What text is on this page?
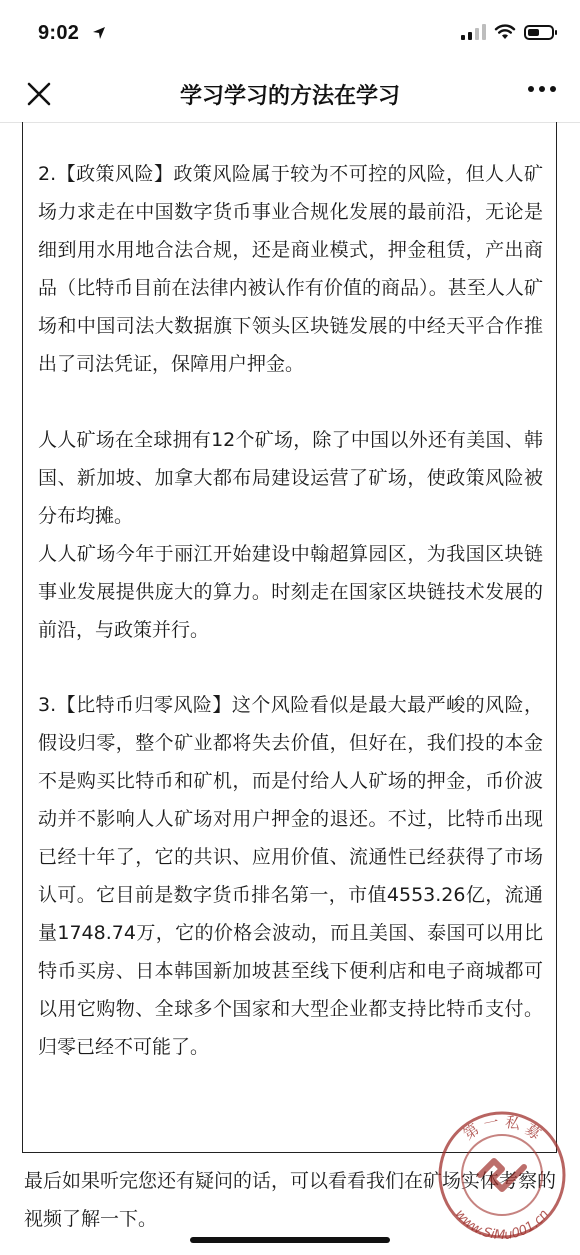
9:02
学习学习的方法在学习
2.【政策风险】政策风险属于较为不可控的风险，但人人矿场力求走在中国数字货币事业合规化发展的最前沿，无论是细到用水用地合法合规，还是商业模式，押金租赁，产出商品（比特币目前在法律内被认作有价值的商品）。甚至人人矿场和中国司法大数据旗下领头区块链发展的中经天平合作推出了司法凭证，保障用户押金。
人人矿场在全球拥有12个矿场，除了中国以外还有美国、韩国、新加坡、加拿大都布局建设运营了矿场，使政策风险被分布均摊。
人人矿场今年于丽江开始建设中翰超算园区，为我国区块链事业发展提供庞大的算力。时刻走在国家区块链技术发展的前沿，与政策并行。
3.【比特币归零风险】这个风险看似是最大最严峻的风险，假设归零，整个矿业都将失去价值，但好在，我们投的本金不是购买比特币和矿机，而是付给人人矿场的押金，币价波动并不影响人人矿场对用户押金的退还。不过，比特币出现已经十年了，它的共识、应用价值、流通性已经获得了市场认可。它目前是数字货币排名第一，市值4553.26亿，流通量1748.74万，它的价格会波动，而且美国、泰国可以用比特币买房、日本韩国新加坡甚至线下便利店和电子商城都可以用它购物、全球多个国家和大型企业都支持比特币支付。归零已经不可能了。
最后如果听完您还有疑问的话，可以看看我们在矿场实体考察的视频了解一下。
第 一 私 募
www.SiMu001.cn
